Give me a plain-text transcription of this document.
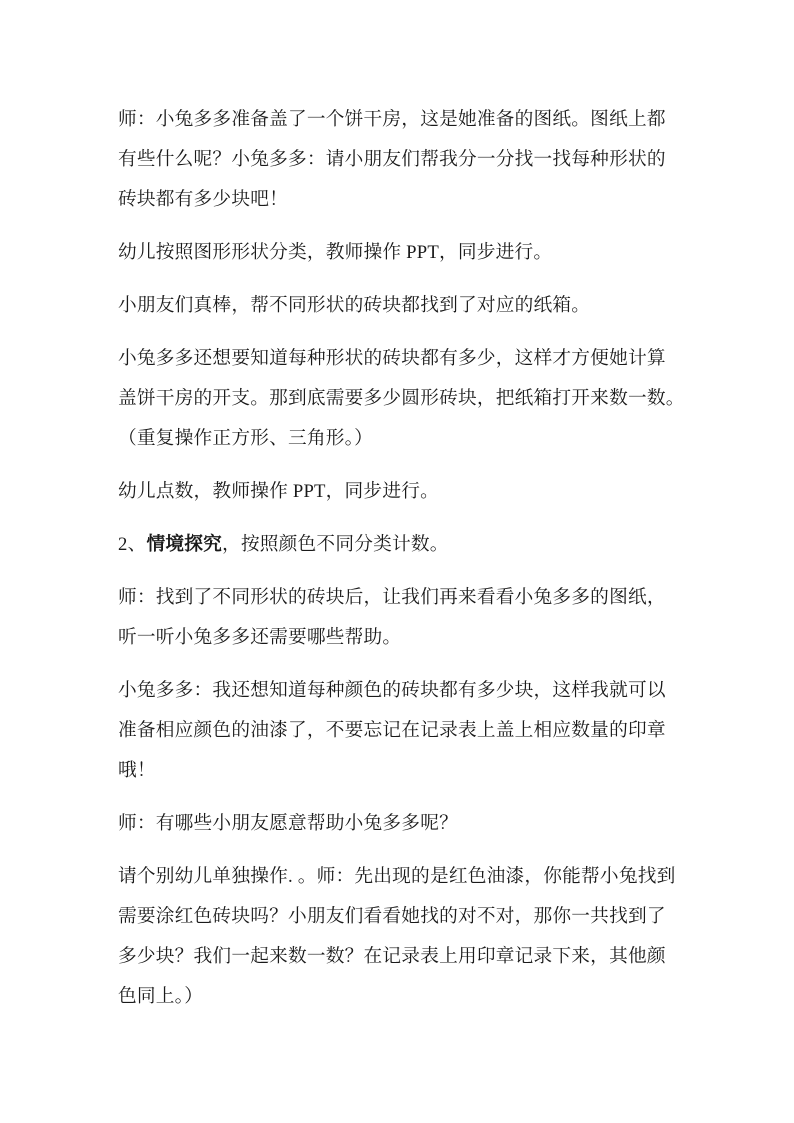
师：小兔多多准备盖了一个饼干房，这是她准备的图纸。图纸上都
有些什么呢？小兔多多：请小朋友们帮我分一分找一找每种形状的
砖块都有多少块吧！
幼儿按照图形形状分类，教师操作 PPT，同步进行。
小朋友们真棒，帮不同形状的砖块都找到了对应的纸箱。
小兔多多还想要知道每种形状的砖块都有多少，这样才方便她计算
盖饼干房的开支。那到底需要多少圆形砖块，把纸箱打开来数一数。
（重复操作正方形、三角形。）
幼儿点数，教师操作 PPT，同步进行。
2、情境探究，按照颜色不同分类计数。
师：找到了不同形状的砖块后，让我们再来看看小兔多多的图纸，
听一听小兔多多还需要哪些帮助。
小兔多多：我还想知道每种颜色的砖块都有多少块，这样我就可以
准备相应颜色的油漆了，不要忘记在记录表上盖上相应数量的印章
哦！
师：有哪些小朋友愿意帮助小兔多多呢？
请个别幼儿单独操作. 。师：先出现的是红色油漆，你能帮小兔找到
需要涂红色砖块吗？小朋友们看看她找的对不对，那你一共找到了
多少块？我们一起来数一数？在记录表上用印章记录下来，其他颜
色同上。）
